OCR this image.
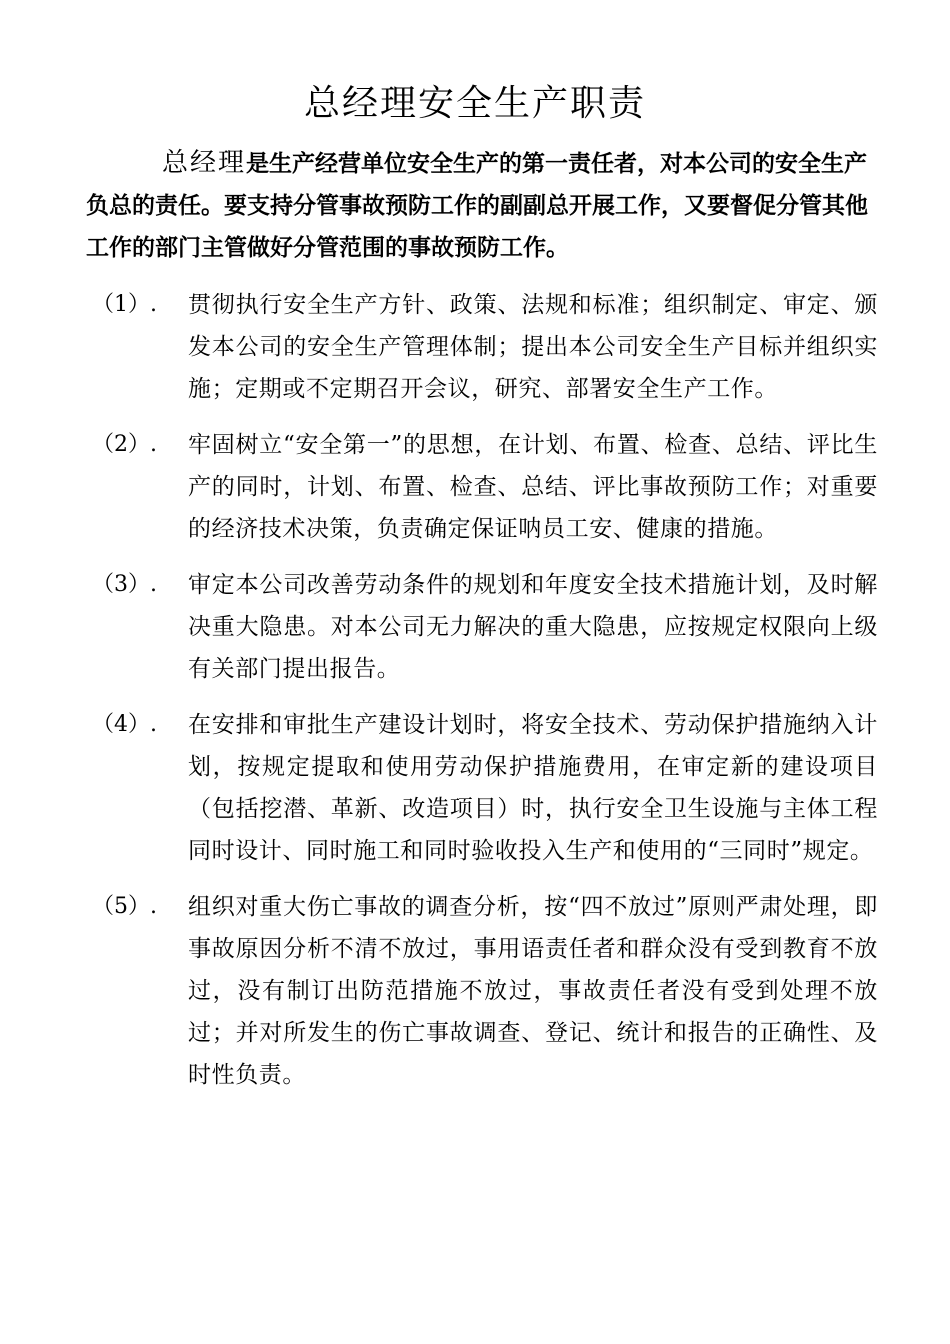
总经理安全生产职责

总经理是生产经营单位安全生产的第一责任者，对本公司的安全生产负总的责任。要支持分管事故预防工作的副副总开展工作，又要督促分管其他工作的部门主管做好分管范围的事故预防工作。

（1）. 贯彻执行安全生产方针、政策、法规和标准；组织制定、审定、颁发本公司的安全生产管理体制；提出本公司安全生产目标并组织实施；定期或不定期召开会议，研究、部署安全生产工作。
（2）. 牢固树立“安全第一”的思想，在计划、布置、检查、总结、评比生产的同时，计划、布置、检查、总结、评比事故预防工作；对重要的经济技术决策，负责确定保证呐员工安、健康的措施。
（3）. 审定本公司改善劳动条件的规划和年度安全技术措施计划，及时解决重大隐患。对本公司无力解决的重大隐患，应按规定权限向上级有关部门提出报告。
（4）. 在安排和审批生产建设计划时，将安全技术、劳动保护措施纳入计划，按规定提取和使用劳动保护措施费用，在审定新的建设项目（包括挖潜、革新、改造项目）时，执行安全卫生设施与主体工程同时设计、同时施工和同时验收投入生产和使用的“三同时”规定。
（5）. 组织对重大伤亡事故的调查分析，按“四不放过”原则严肃处理，即事故原因分析不清不放过，事用语责任者和群众没有受到教育不放过，没有制订出防范措施不放过，事故责任者没有受到处理不放过；并对所发生的伤亡事故调查、登记、统计和报告的正确性、及时性负责。
